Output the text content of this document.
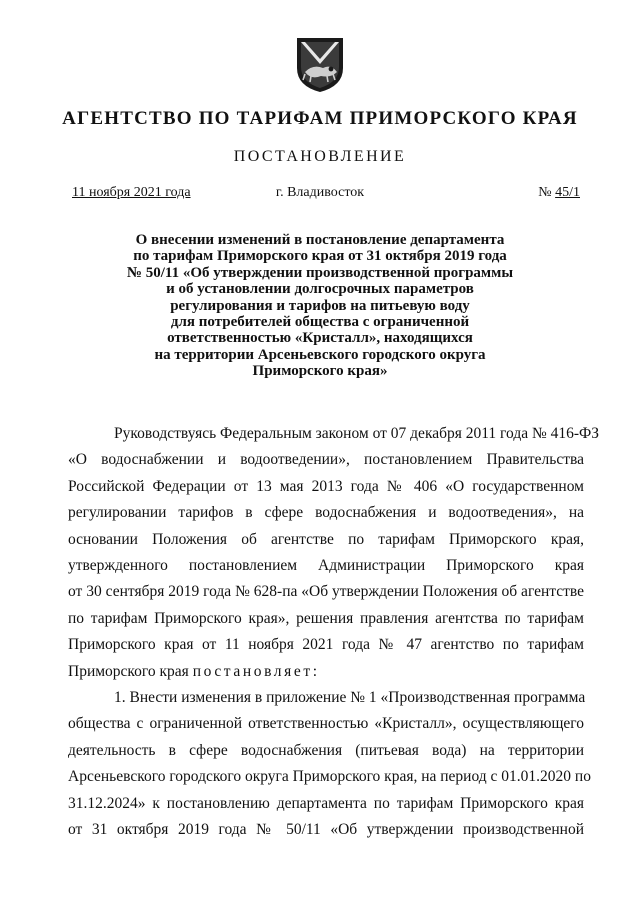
АГЕНТСТВО ПО ТАРИФАМ ПРИМОРСКОГО КРАЯ
ПОСТАНОВЛЕНИЕ
11 ноября 2021 года	г. Владивосток	№ 45/1
О внесении изменений в постановление департамента
по тарифам Приморского края от 31 октября 2019 года
№ 50/11 «Об утверждении производственной программы
и об установлении долгосрочных параметров
регулирования и тарифов на питьевую воду
для потребителей общества с ограниченной
ответственностью «Кристалл», находящихся
на территории Арсеньевского городского округа
Приморского края»
Руководствуясь Федеральным законом от 07 декабря 2011 года № 416-ФЗ
«О водоснабжении и водоотведении», постановлением Правительства
Российской Федерации от 13 мая 2013 года № 406 «О государственном
регулировании тарифов в сфере водоснабжения и водоотведения», на
основании Положения об агентстве по тарифам Приморского края,
утвержденного постановлением Администрации Приморского края
от 30 сентября 2019 года № 628-па «Об утверждении Положения об агентстве
по тарифам Приморского края», решения правления агентства по тарифам
Приморского края от 11 ноября 2021 года № 47 агентство по тарифам
Приморского края постановляет:
1. Внести изменения в приложение № 1 «Производственная программа
общества с ограниченной ответственностью «Кристалл», осуществляющего
деятельность в сфере водоснабжения (питьевая вода) на территории
Арсеньевского городского округа Приморского края, на период с 01.01.2020 по
31.12.2024» к постановлению департамента по тарифам Приморского края
от 31 октября 2019 года № 50/11 «Об утверждении производственной
